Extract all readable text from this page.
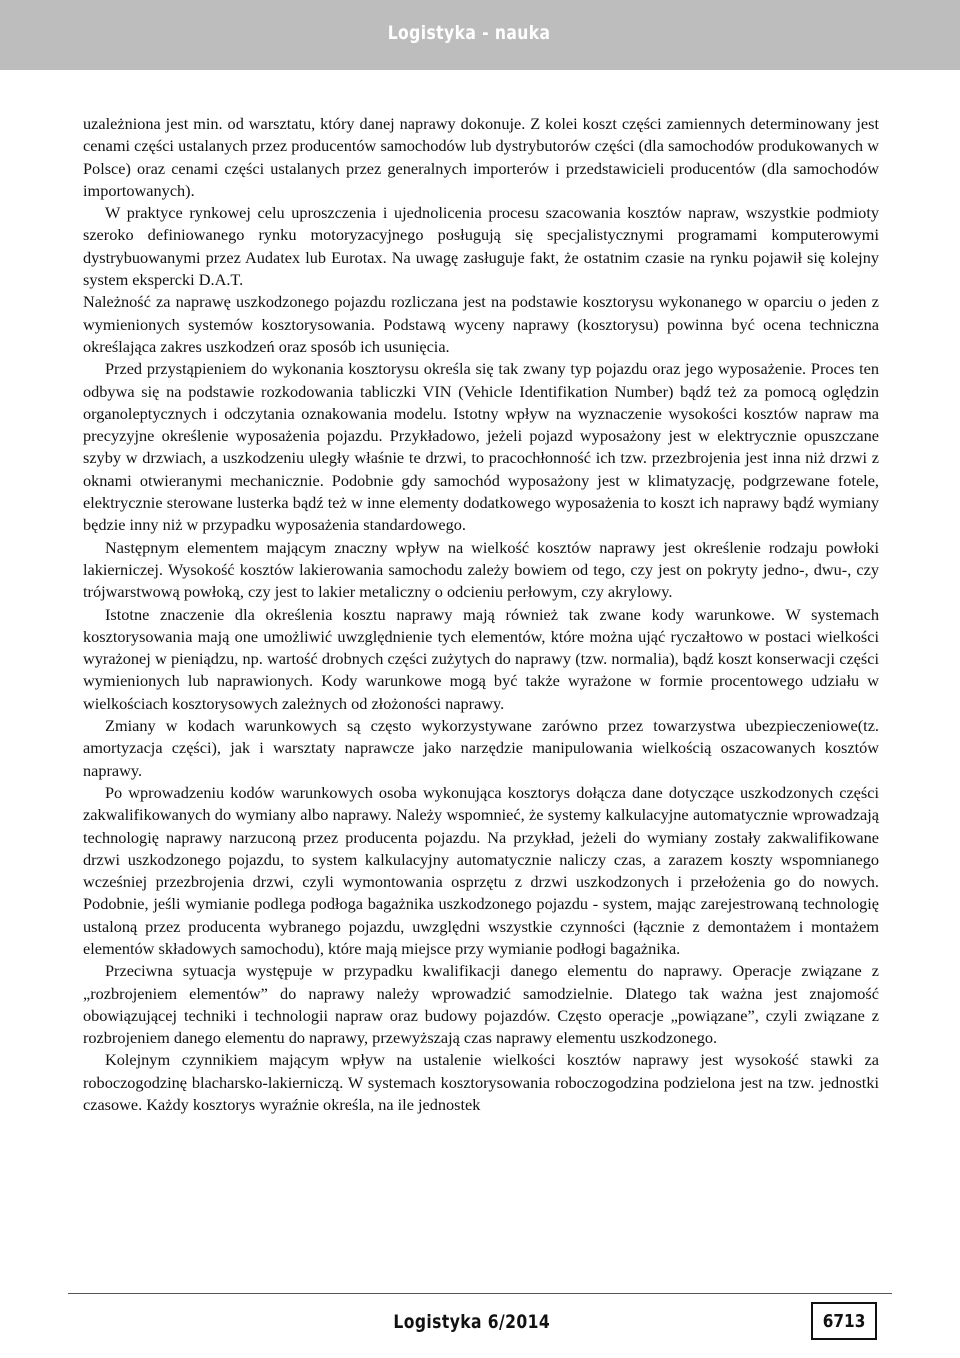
Logistyka - nauka

uzależniona jest min. od warsztatu, który danej naprawy dokonuje. Z kolei koszt części zamiennych determinowany jest cenami części ustalanych przez producentów samochodów lub dystrybutorów części (dla samochodów produkowanych w Polsce) oraz cenami części ustalanych przez generalnych importerów i przedstawicieli producentów (dla samochodów importowanych).

W praktyce rynkowej celu uproszczenia i ujednolicenia procesu szacowania kosztów napraw, wszystkie podmioty szeroko definiowanego rynku motoryzacyjnego posługują się specjalistycznymi programami komputerowymi dystrybuowanymi przez Audatex lub Eurotax. Na uwagę zasługuje fakt, że ostatnim czasie na rynku pojawił się kolejny system ekspercki D.A.T.

Należność za naprawę uszkodzonego pojazdu rozliczana jest na podstawie kosztorysu wykonanego w oparciu o jeden z wymienionych systemów kosztorysowania. Podstawą wyceny naprawy (kosztorysu) powinna być ocena techniczna określająca zakres uszkodzeń oraz sposób ich usunięcia.

Przed przystąpieniem do wykonania kosztorysu określa się tak zwany typ pojazdu oraz jego wyposażenie. Proces ten odbywa się na podstawie rozkodowania tabliczki VIN (Vehicle Identifikation Number) bądź też za pomocą oględzin organoleptycznych i odczytania oznakowania modelu. Istotny wpływ na wyznaczenie wysokości kosztów napraw ma precyzyjne określenie wyposażenia pojazdu. Przykładowo, jeżeli pojazd wyposażony jest w elektrycznie opuszczane szyby w drzwiach, a uszkodzeniu uległy właśnie te drzwi, to pracochłonność ich tzw. przezbrojenia jest inna niż drzwi z oknami otwieranymi mechanicznie. Podobnie gdy samochód wyposażony jest w klimatyzację, podgrzewane fotele, elektrycznie sterowane lusterka bądź też w inne elementy dodatkowego wyposażenia to koszt ich naprawy bądź wymiany będzie inny niż w przypadku wyposażenia standardowego.

Następnym elementem mającym znaczny wpływ na wielkość kosztów naprawy jest określenie rodzaju powłoki lakierniczej. Wysokość kosztów lakierowania samochodu zależy bowiem od tego, czy jest on pokryty jedno-, dwu-, czy trójwarstwową powłoką, czy jest to lakier metaliczny o odcieniu perłowym, czy akrylowy.

Istotne znaczenie dla określenia kosztu naprawy mają również tak zwane kody warunkowe. W systemach kosztorysowania mają one umożliwić uwzględnienie tych elementów, które można ująć ryczałtowo w postaci wielkości wyrażonej w pieniądzu, np. wartość drobnych części zużytych do naprawy (tzw. normalia), bądź koszt konserwacji części wymienionych lub naprawionych. Kody warunkowe mogą być także wyrażone w formie procentowego udziału w wielkościach kosztorysowych zależnych od złożoności naprawy.

Zmiany w kodach warunkowych są często wykorzystywane zarówno przez towarzystwa ubezpieczeniowe(tz. amortyzacja części), jak i warsztaty naprawcze jako narzędzie manipulowania wielkością oszacowanych kosztów naprawy.

Po wprowadzeniu kodów warunkowych osoba wykonująca kosztorys dołącza dane dotyczące uszkodzonych części zakwalifikowanych do wymiany albo naprawy. Należy wspomnieć, że systemy kalkulacyjne automatycznie wprowadzają technologię naprawy narzuconą przez producenta pojazdu. Na przykład, jeżeli do wymiany zostały zakwalifikowane drzwi uszkodzonego pojazdu, to system kalkulacyjny automatycznie naliczy czas, a zarazem koszty wspomnianego wcześniej przezbrojenia drzwi, czyli wymontowania osprzętu z drzwi uszkodzonych i przełożenia go do nowych. Podobnie, jeśli wymianie podlega podłoga bagażnika uszkodzonego pojazdu - system, mając zarejestrowaną technologię ustaloną przez producenta wybranego pojazdu, uwzględni wszystkie czynności (łącznie z demontażem i montażem elementów składowych samochodu), które mają miejsce przy wymianie podłogi bagażnika.

Przeciwna sytuacja występuje w przypadku kwalifikacji danego elementu do naprawy. Operacje związane z „rozbrojeniem elementów” do naprawy należy wprowadzić samodzielnie. Dlatego tak ważna jest znajomość obowiązującej techniki i technologii napraw oraz budowy pojazdów. Często operacje „powiązane”, czyli związane z rozbrojeniem danego elementu do naprawy, przewyższają czas naprawy elementu uszkodzonego.

Kolejnym czynnikiem mającym wpływ na ustalenie wielkości kosztów naprawy jest wysokość stawki za roboczogodzinę blacharsko-lakierniczą. W systemach kosztorysowania roboczogodzina podzielona jest na tzw. jednostki czasowe. Każdy kosztorys wyraźnie określa, na ile jednostek

Logistyka 6/2014	6713
